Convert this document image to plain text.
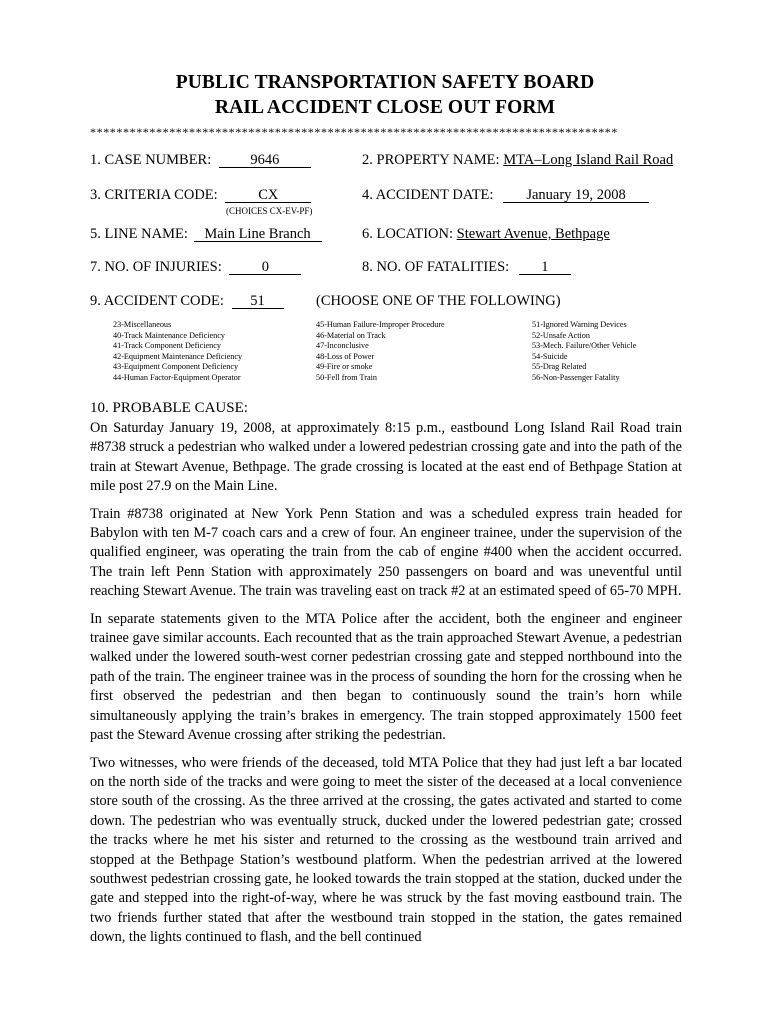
PUBLIC TRANSPORTATION SAFETY BOARD
RAIL ACCIDENT CLOSE OUT FORM
********************************************************************************
1. CASE NUMBER:	9646	2. PROPERTY NAME: MTA–Long Island Rail Road
3. CRITERIA CODE:	CX
(CHOICES CX-EV-PF)
4. ACCIDENT DATE: January 19, 2008
5. LINE NAME: Main Line Branch	6. LOCATION: Stewart Avenue, Bethpage
7. NO. OF INJURIES:	0	8. NO. OF FATALITIES: 1
9. ACCIDENT CODE: 51	(CHOOSE ONE OF THE FOLLOWING)
23-Miscellaneous
40-Track Maintenance Deficiency
41-Track Component Deficiency
42-Equipment Maintenance Deficiency
43-Equipment Component Deficiency
44-Human Factor-Equipment Operator
45-Human Failure-Improper Procedure
46-Material on Track
47-Inconclusive
48-Loss of Power
49-Fire or smoke
50-Fell from Train
51-Ignored Warning Devices
52-Unsafe Action
53-Mech. Failure/Other Vehicle
54-Suicide
55-Drag Related
56-Non-Passenger Fatality
10. PROBABLE CAUSE:

On Saturday January 19, 2008, at approximately 8:15 p.m., eastbound Long Island Rail Road train #8738 struck a pedestrian who walked under a lowered pedestrian crossing gate and into the path of the train at Stewart Avenue, Bethpage. The grade crossing is located at the east end of Bethpage Station at mile post 27.9 on the Main Line.

Train #8738 originated at New York Penn Station and was a scheduled express train headed for Babylon with ten M-7 coach cars and a crew of four. An engineer trainee, under the supervision of the qualified engineer, was operating the train from the cab of engine #400 when the accident occurred. The train left Penn Station with approximately 250 passengers on board and was uneventful until reaching Stewart Avenue. The train was traveling east on track #2 at an estimated speed of 65-70 MPH.

In separate statements given to the MTA Police after the accident, both the engineer and engineer trainee gave similar accounts. Each recounted that as the train approached Stewart Avenue, a pedestrian walked under the lowered south-west corner pedestrian crossing gate and stepped northbound into the path of the train. The engineer trainee was in the process of sounding the horn for the crossing when he first observed the pedestrian and then began to continuously sound the train’s horn while simultaneously applying the train’s brakes in emergency. The train stopped approximately 1500 feet past the Steward Avenue crossing after striking the pedestrian.

Two witnesses, who were friends of the deceased, told MTA Police that they had just left a bar located on the north side of the tracks and were going to meet the sister of the deceased at a local convenience store south of the crossing. As the three arrived at the crossing, the gates activated and started to come down. The pedestrian who was eventually struck, ducked under the lowered pedestrian gate; crossed the tracks where he met his sister and returned to the crossing as the westbound train arrived and stopped at the Bethpage Station’s westbound platform. When the pedestrian arrived at the lowered southwest pedestrian crossing gate, he looked towards the train stopped at the station, ducked under the gate and stepped into the right-of-way, where he was struck by the fast moving eastbound train. The two friends further stated that after the westbound train stopped in the station, the gates remained down, the lights continued to flash, and the bell continued
